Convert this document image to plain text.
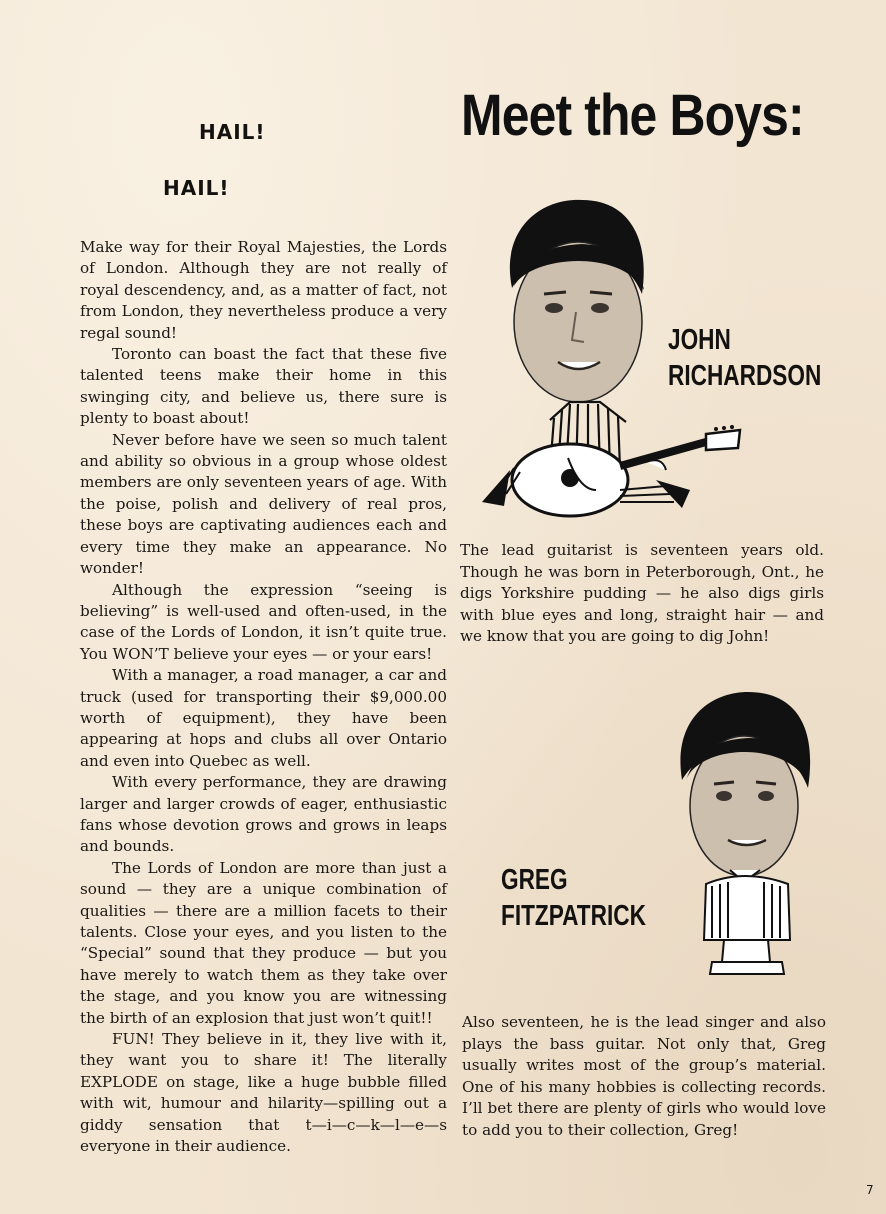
HAIL!
HAIL!
Meet the Boys:

Make way for their Royal Majesties, the Lords of London. Although they are not really of royal descendency, and, as a matter of fact, not from London, they nevertheless produce a very regal sound!

Toronto can boast the fact that these five talented teens make their home in this swinging city, and believe us, there sure is plenty to boast about!

Never before have we seen so much talent and ability so obvious in a group whose oldest members are only seventeen years of age. With the poise, polish and delivery of real pros, these boys are captivating audiences each and every time they make an appearance. No wonder!

Although the expression “seeing is believing” is well-used and often-used, in the case of the Lords of London, it isn’t quite true. You WON’T believe your eyes — or your ears!

With a manager, a road manager, a car and truck (used for transporting their $9,000.00 worth of equipment), they have been appearing at hops and clubs all over Ontario and even into Quebec as well.

With every performance, they are drawing larger and larger crowds of eager, enthusiastic fans whose devotion grows and grows in leaps and bounds.

The Lords of London are more than just a sound — they are a unique combination of qualities — there are a million facets to their talents. Close your eyes, and you listen to the “Special” sound that they produce — but you have merely to watch them as they take over the stage, and you know you are witnessing the birth of an explosion that just won’t quit!!

FUN! They believe in it, they live with it, they want you to share it! The literally EXPLODE on stage, like a huge bubble filled with wit, humour and hilarity—spilling out a giddy sensation that t—i—c—k—l—e—s everyone in their audience.

JOHN
RICHARDSON
The lead guitarist is seventeen years old. Though he was born in Peterborough, Ont., he digs Yorkshire pudding — he also digs girls with blue eyes and long, straight hair — and we know that you are going to dig John!
GREG
FITZPATRICK
Also seventeen, he is the lead singer and also plays the bass guitar. Not only that, Greg usually writes most of the group’s material. One of his many hobbies is collecting records. I’ll bet there are plenty of girls who would love to add you to their collection, Greg!
7
